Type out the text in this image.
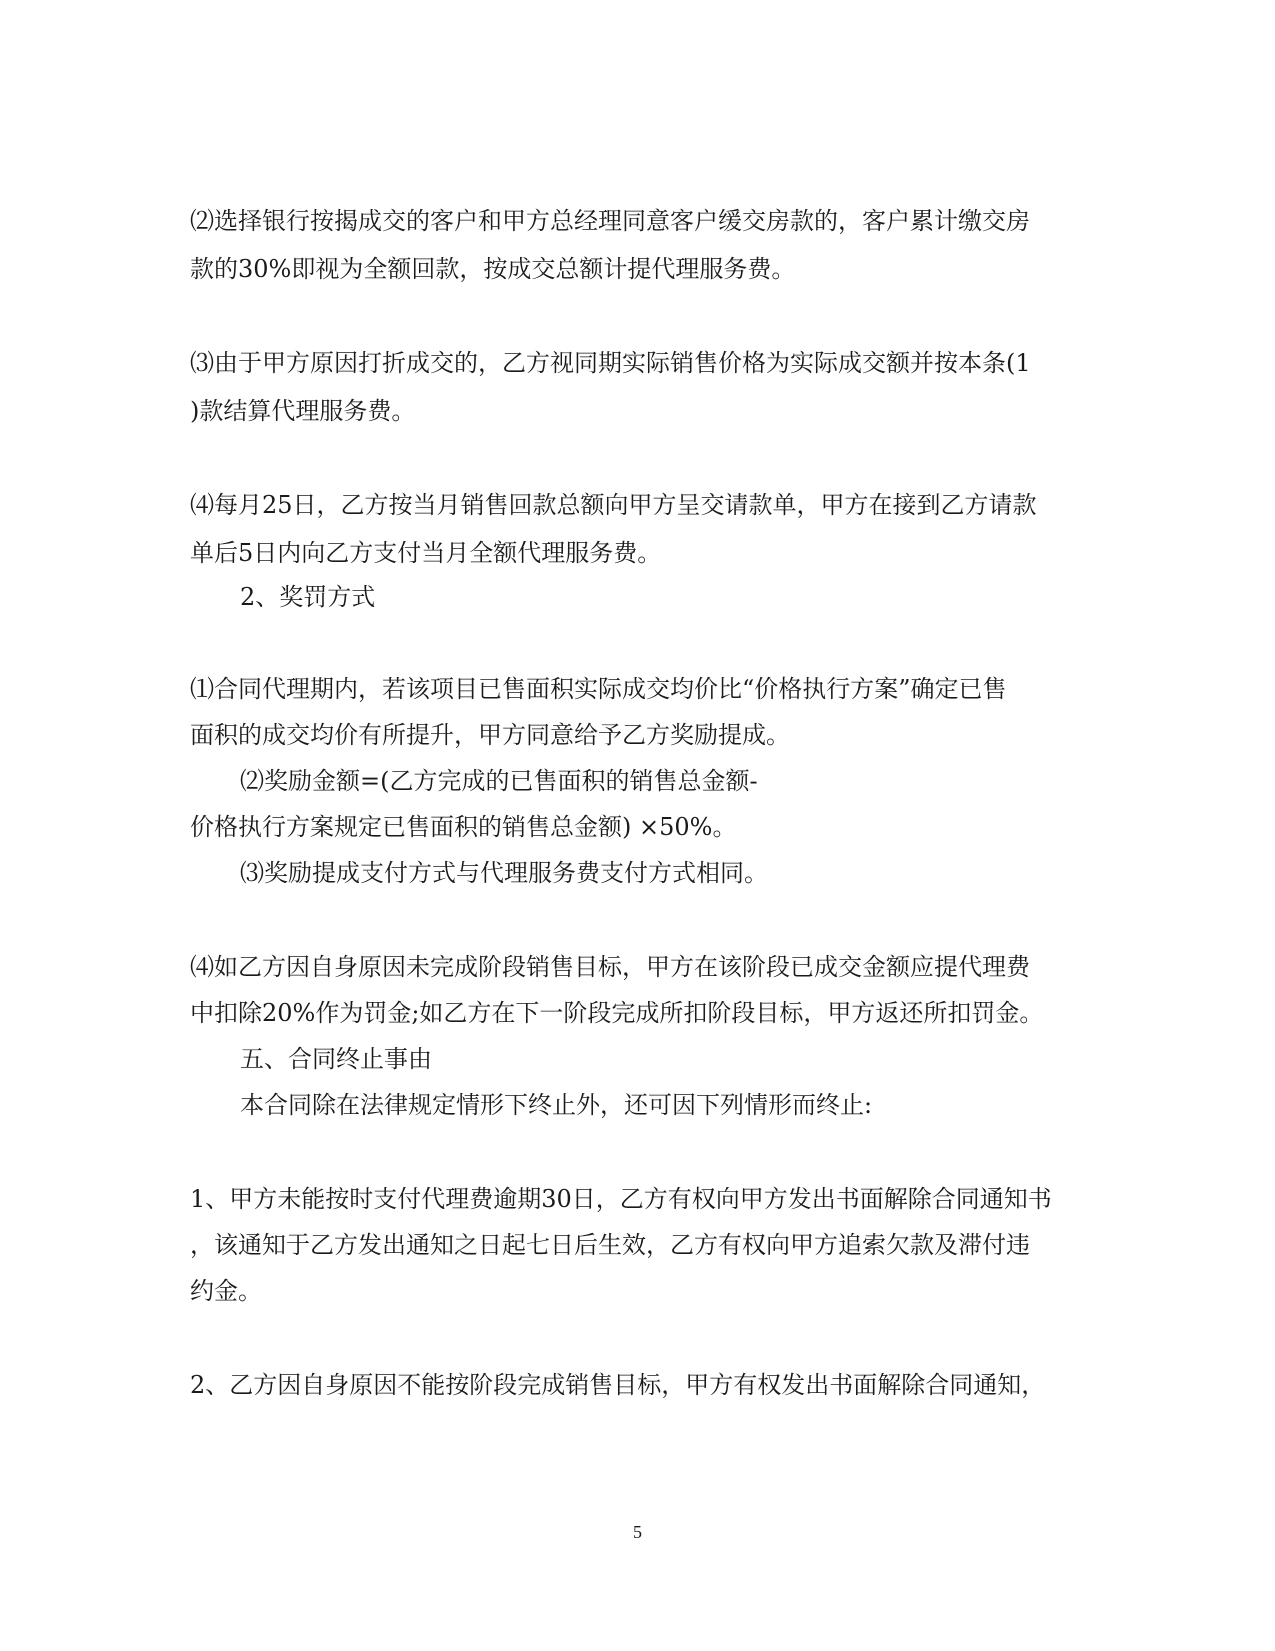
⑵选择银行按揭成交的客户和甲方总经理同意客户缓交房款的，客户累计缴交房
款的30%即视为全额回款，按成交总额计提代理服务费。
⑶由于甲方原因打折成交的，乙方视同期实际销售价格为实际成交额并按本条(1
)款结算代理服务费。
⑷每月25日，乙方按当月销售回款总额向甲方呈交请款单，甲方在接到乙方请款
单后5日内向乙方支付当月全额代理服务费。
2、奖罚方式
⑴合同代理期内，若该项目已售面积实际成交均价比“价格执行方案”确定已售
面积的成交均价有所提升，甲方同意给予乙方奖励提成。
⑵奖励金额=(乙方完成的已售面积的销售总金额-
价格执行方案规定已售面积的销售总金额) ×50%。
⑶奖励提成支付方式与代理服务费支付方式相同。
⑷如乙方因自身原因未完成阶段销售目标，甲方在该阶段已成交金额应提代理费
中扣除20%作为罚金;如乙方在下一阶段完成所扣阶段目标，甲方返还所扣罚金。
五、合同终止事由
本合同除在法律规定情形下终止外，还可因下列情形而终止:
1、甲方未能按时支付代理费逾期30日，乙方有权向甲方发出书面解除合同通知书
，该通知于乙方发出通知之日起七日后生效，乙方有权向甲方追索欠款及滞付违
约金。
2、乙方因自身原因不能按阶段完成销售目标，甲方有权发出书面解除合同通知，
5
